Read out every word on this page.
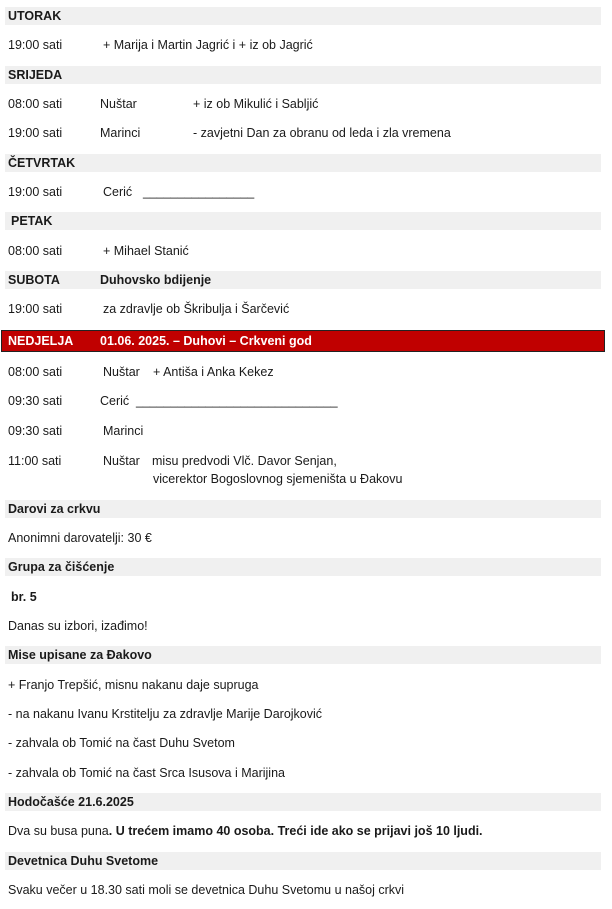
UTORAK
19:00 sati	+ Marija i Martin Jagrić i + iz ob Jagrić
SRIJEDA
08:00 sati	Nuštar	+ iz ob Mikulić i Sabljić
19:00 sati	Marinci	- zavjetni Dan za obranu od leda i zla vremena
ČETVRTAK
19:00 sati	Cerić ________________
PETAK
08:00 sati	+ Mihael Stanić
SUBOTA	Duhovsko bdijenje
19:00 sati	za zdravlje ob Škribulja i Šarčević
NEDJELJA 01.06. 2025. – Duhovi – Crkveni god
08:00 sati	Nuštar + Antiša i Anka Kekez
09:30 sati	Cerić _____________________________
09:30 sati	Marinci
11:00 sati	Nuštar misu predvodi Vlč. Davor Senjan,
vicerektor Bogoslovnog sjemeništa u Đakovu
Darovi za crkvu
Anonimni darovatelji: 30 €
Grupa za čišćenje
br. 5
Danas su izbori, izađimo!
Mise upisane za Đakovo
+ Franjo Trepšić, misnu nakanu daje supruga
- na nakanu Ivanu Krstitelju za zdravlje Marije Darojković
- zahvala ob Tomić na čast Duhu Svetom
- zahvala ob Tomić na čast Srca Isusova i Marijina
Hodočašće 21.6.2025
Dva su busa puna. U trećem imamo 40 osoba. Treći ide ako se prijavi još 10 ljudi.
Devetnica Duhu Svetome
Svaku večer u 18.30 sati moli se devetnica Duhu Svetomu u našoj crkvi
